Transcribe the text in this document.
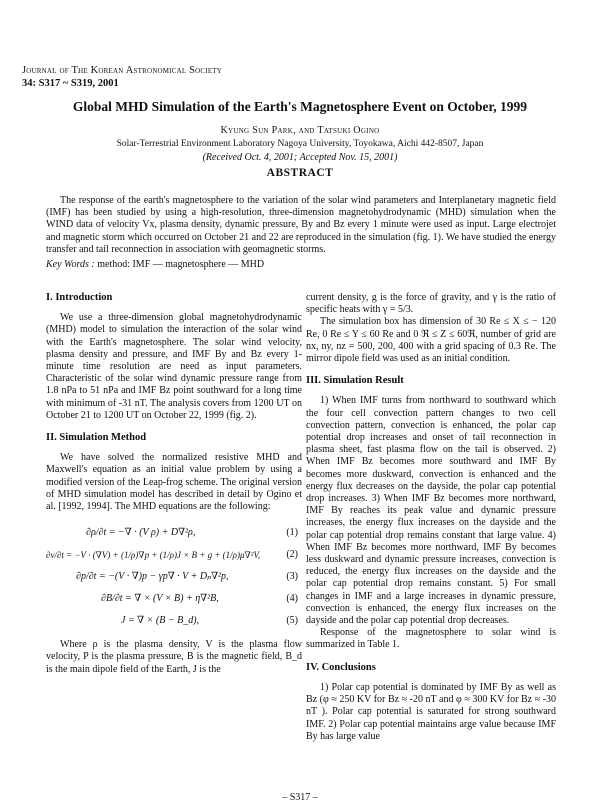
Journal of The Korean Astronomical Society
34: S317 ~ S319, 2001
Global MHD Simulation of the Earth's Magnetosphere Event on October, 1999
Kyung Sun Park, and Tatsuki Ogino
Solar-Terrestrial Environment Laboratory Nagoya University, Toyokawa, Aichi 442-8507, Japan
(Received Oct. 4, 2001; Accepted Nov. 15, 2001)
ABSTRACT

The response of the earth's magnetosphere to the variation of the solar wind parameters and Interplanetary magnetic field (IMF) has been studied by using a high-resolution, three-dimension magnetohydrodynamic (MHD) simulation when the WIND data of velocity Vx, plasma density, dynamic pressure, By and Bz every 1 minute were used as input. Large electrojet and magnetic storm which occurred on October 21 and 22 are reproduced in the simulation (fig. 1). We have studied the energy transfer and tail reconnection in association with geomagnetic storms.

Key Words : method: IMF — magnetosphere — MHD
I. Introduction

We use a three-dimension global magnetohydrodynamic (MHD) model to simulation the interaction of the solar wind with the Earth's magnetosphere. The solar wind velocity, plasma density and pressure, and IMF By and Bz every 1-minute time resolution are need as input parameters. Characteristic of the solar wind dynamic pressure range from 1.8 nPa to 51 nPa and IMF Bz point southward for a long time with minimum of -31 nT. The analysis covers from 1200 UT on October 21 to 1200 UT on October 22, 1999 (fig. 2).

II. Simulation Method

We have solved the normalized resistive MHD and Maxwell's equation as an initial value problem by using a modified version of the Leap-frog scheme. The original version of MHD simulation model has described in detail by Ogino et al. [1992, 1994]. The MHD equations are the following:

∂ρ/∂t = −∇ · (V ρ) + D∇²ρ,	(1)
∂v/∂t = −V · (∇V) + (1/ρ)∇p + (1/ρ)J × B + g + (1/ρ)μ∇²V,	(2)
∂p/∂t = −(V · ∇)p − γp∇ · V + Dₚ∇²p,	(3)
∂B/∂t = ∇ × (V × B) + η∇²B,	(4)
J = ∇ × (B − B_d),	(5)

Where ρ is the plasma density, V is the plasma flow velocity, P is the plasma pressure, B is the magnetic field, B_d is the main dipole field of the Earth, J is the

current density, g is the force of gravity, and γ is the ratio of specific heats with γ = 5/3.

The simulation box has dimension of 30 Re ≤ X ≤ − 120 Re, 0 Re ≤ Y ≤ 60 Re and 0 ℜ ≤ Z ≤ 60ℜ, number of grid are nx, ny, nz = 500, 200, 400 with a grid spacing of 0.3 Re. The mirror dipole field was used as an initial condition.

III. Simulation Result

1) When IMF turns from northward to southward which the four cell convection pattern changes to two cell convection pattern, convection is enhanced, the polar cap potential drop increases and onset of tail reconnection in plasma sheet, fast plasma flow on the tail is observed. 2) When IMF Bz becomes more southward and IMF By becomes more duskward, convection is enhanced and the energy flux decreases on the dayside, the polar cap potential drop increases. 3) When IMF Bz becomes more northward, IMF By reaches its peak value and dynamic pressure increases, the energy flux increases on the dayside and the polar cap potential drop remains constant that large value. 4) When IMF Bz becomes more northward, IMF By becomes less duskward and dynamic pressure increases, convection is reduced, the energy flux increases on the dayside and the polar cap potential drop remains constant. 5) For small changes in IMF and a large increases in dynamic pressure, convection is enhanced, the energy flux increases on the dayside and the polar cap potential drop decreases.

Response of the magnetosphere to solar wind is summarized in Table 1.

IV. Conclusions

1) Polar cap potential is dominated by IMF By as well as Bz (φ ≈ 250 KV for Bz ≈ -20 nT and φ ≈ 300 KV for Bz ≈ -30 nT ). Polar cap potential is saturated for strong southward IMF. 2) Polar cap potential maintains arge value because IMF By has large value

– S317 –
